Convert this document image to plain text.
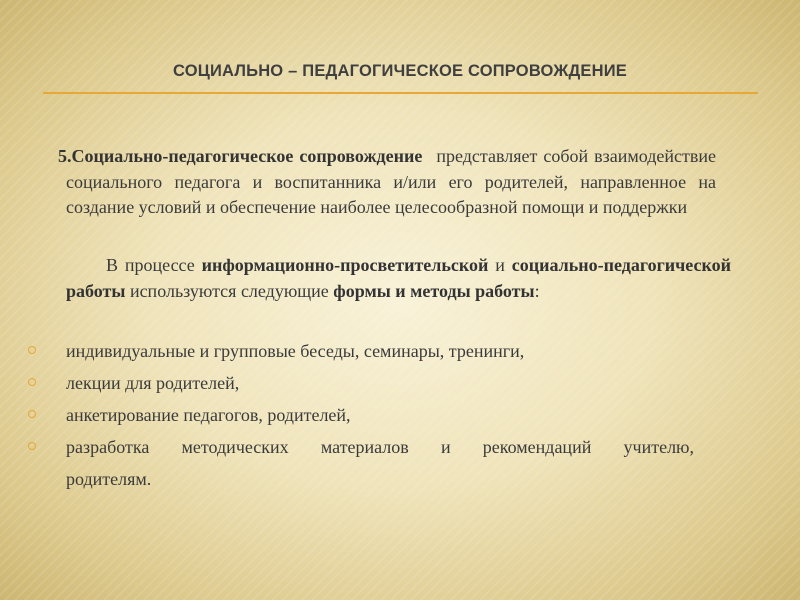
СОЦИАЛЬНО – ПЕДАГОГИЧЕСКОЕ СОПРОВОЖДЕНИЕ
5.Социально-педагогическое сопровождение представляет собой взаимодействие социального педагога и воспитанника и/или его родителей, направленное на создание условий и обеспечение наиболее целесообразной помощи и поддержки
В процессе информационно-просветительской и социально-педагогической работы используются следующие формы и методы работы:
индивидуальные и групповые беседы, семинары, тренинги,
лекции для родителей,
анкетирование педагогов, родителей,
разработка методических материалов и рекомендаций учителю,
родителям.
